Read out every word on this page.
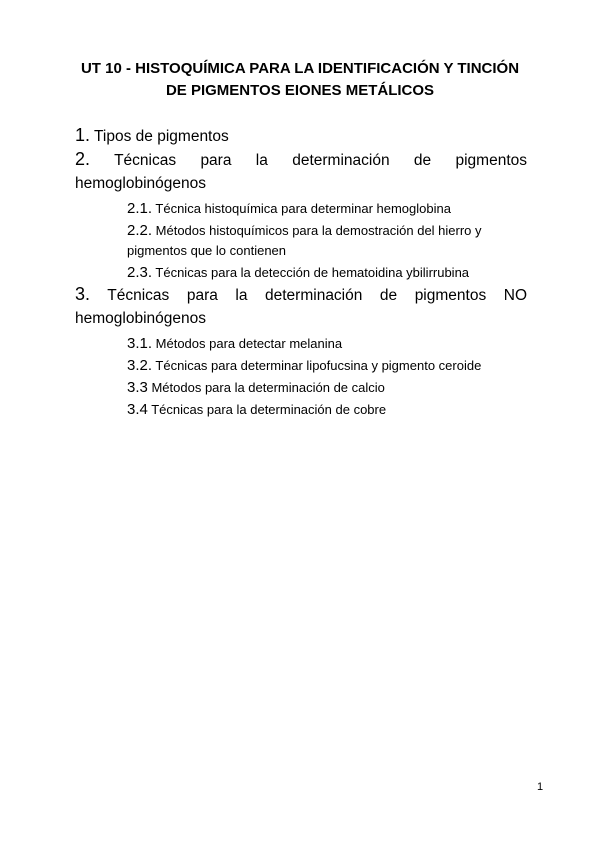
UT 10 - HISTOQUÍMICA PARA LA IDENTIFICACIÓN Y TINCIÓN
DE PIGMENTOS EIONES METÁLICOS

1. Tipos de pigmentos

2. Técnicas para la determinación de pigmentos hemoglobinógenos

2.1. Técnica histoquímica para determinar hemoglobina
2.2. Métodos histoquímicos para la demostración del hierro y pigmentos que lo contienen
2.3. Técnicas para la detección de hematoidina ybilirrubina

3. Técnicas para la determinación de pigmentos NO hemoglobinógenos

3.1. Métodos para detectar melanina
3.2. Técnicas para determinar lipofucsina y pigmento ceroide
3.3 Métodos para la determinación de calcio
3.4 Técnicas para la determinación de cobre
1
